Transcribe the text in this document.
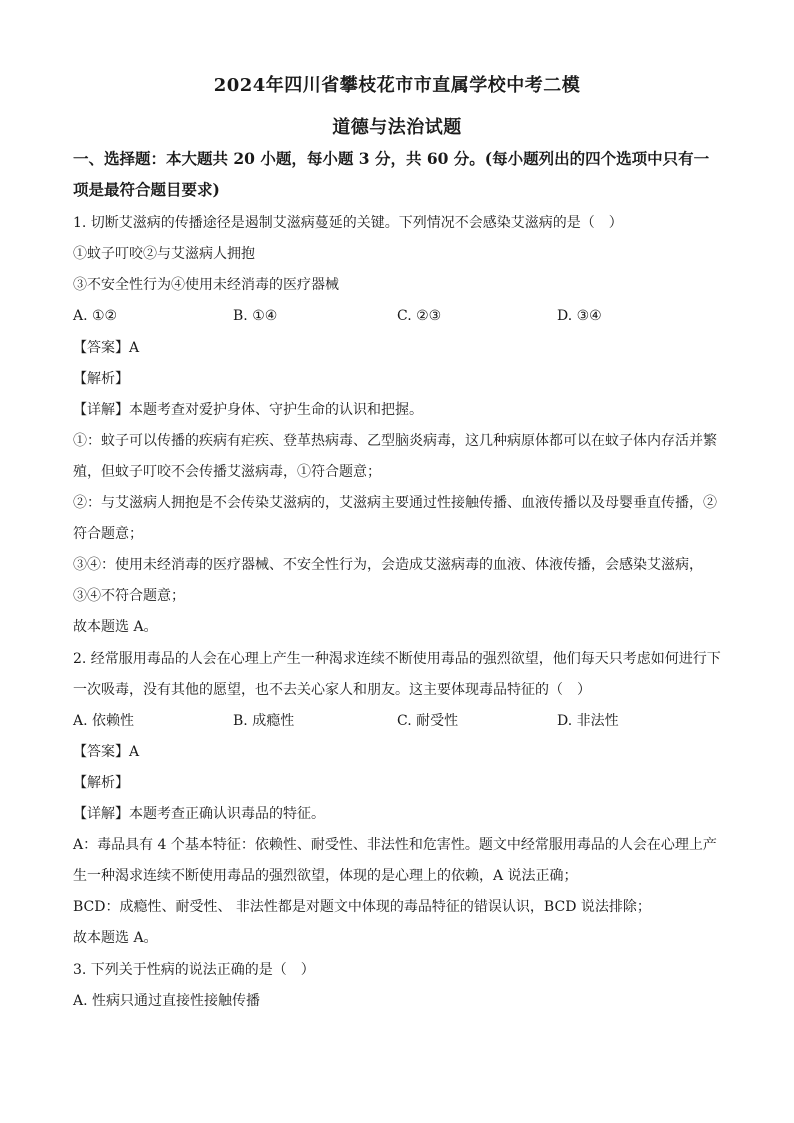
2024年四川省攀枝花市市直属学校中考二模
道德与法治试题
一、选择题：本大题共 20 小题，每小题 3 分，共 60 分。(每小题列出的四个选项中只有一
项是最符合题目要求)
1. 切断艾滋病的传播途径是遏制艾滋病蔓延的关键。下列情况不会感染艾滋病的是（　）
①蚊子叮咬②与艾滋病人拥抱
③不安全性行为④使用未经消毒的医疗器械
A. ①②	B. ①④	C. ②③	D. ③④
【答案】A
【解析】
【详解】本题考查对爱护身体、守护生命的认识和把握。
①：蚊子可以传播的疾病有疟疾、登革热病毒、乙型脑炎病毒，这几种病原体都可以在蚊子体内存活并繁
殖，但蚊子叮咬不会传播艾滋病毒，①符合题意；
②：与艾滋病人拥抱是不会传染艾滋病的，艾滋病主要通过性接触传播、血液传播以及母婴垂直传播，②
符合题意；
③④：使用未经消毒的医疗器械、不安全性行为，会造成艾滋病毒的血液、体液传播，会感染艾滋病，
③④不符合题意；
故本题选 A。
2. 经常服用毒品的人会在心理上产生一种渴求连续不断使用毒品的强烈欲望，他们每天只考虑如何进行下
一次吸毒，没有其他的愿望，也不去关心家人和朋友。这主要体现毒品特征的（　）
A. 依赖性	B. 成瘾性	C. 耐受性	D. 非法性
【答案】A
【解析】
【详解】本题考查正确认识毒品的特征。
A：毒品具有 4 个基本特征：依赖性、耐受性、非法性和危害性。题文中经常服用毒品的人会在心理上产
生一种渴求连续不断使用毒品的强烈欲望，体现的是心理上的依赖，A 说法正确；
BCD：成瘾性、耐受性、 非法性都是对题文中体现的毒品特征的错误认识，BCD 说法排除；
故本题选 A。
3. 下列关于性病的说法正确的是（　）
A. 性病只通过直接性接触传播
